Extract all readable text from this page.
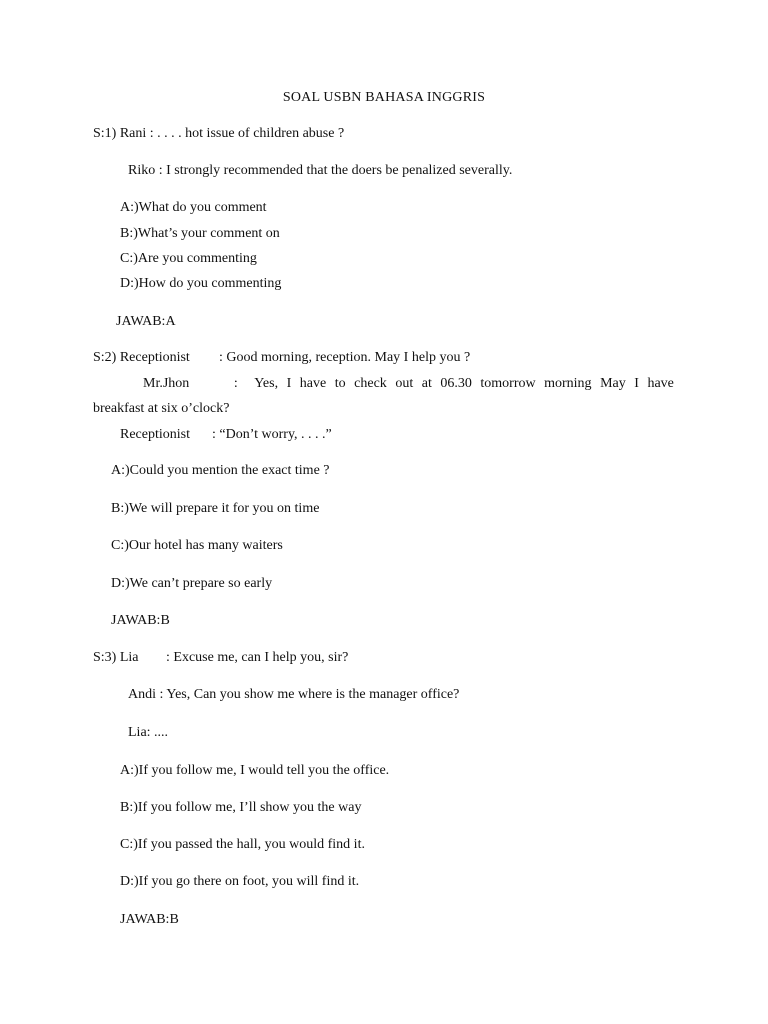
SOAL USBN BAHASA INGGRIS
S:1) Rani : . . . . hot issue of children abuse ?
Riko : I strongly recommended that the doers be penalized severally.
A:)What do you comment
B:)What’s your comment on
C:)Are you commenting
D:)How do you commenting
JAWAB:A
S:2) Receptionist : Good morning, reception. May I help you ?
Mr.Jhon	: Yes, I have to check out at 06.30 tomorrow morning May I have
breakfast at six o’clock?
Receptionist : “Don’t worry, . . . .”
A:)Could you mention the exact time ?
B:)We will prepare it for you on time
C:)Our hotel has many waiters
D:)We can’t prepare so early
JAWAB:B
S:3) Lia : Excuse me, can I help you, sir?
Andi : Yes, Can you show me where is the manager office?
Lia: ....
A:)If you follow me, I would tell you the office.
B:)If you follow me, I’ll show you the way
C:)If you passed the hall, you would find it.
D:)If you go there on foot, you will find it.
JAWAB:B
